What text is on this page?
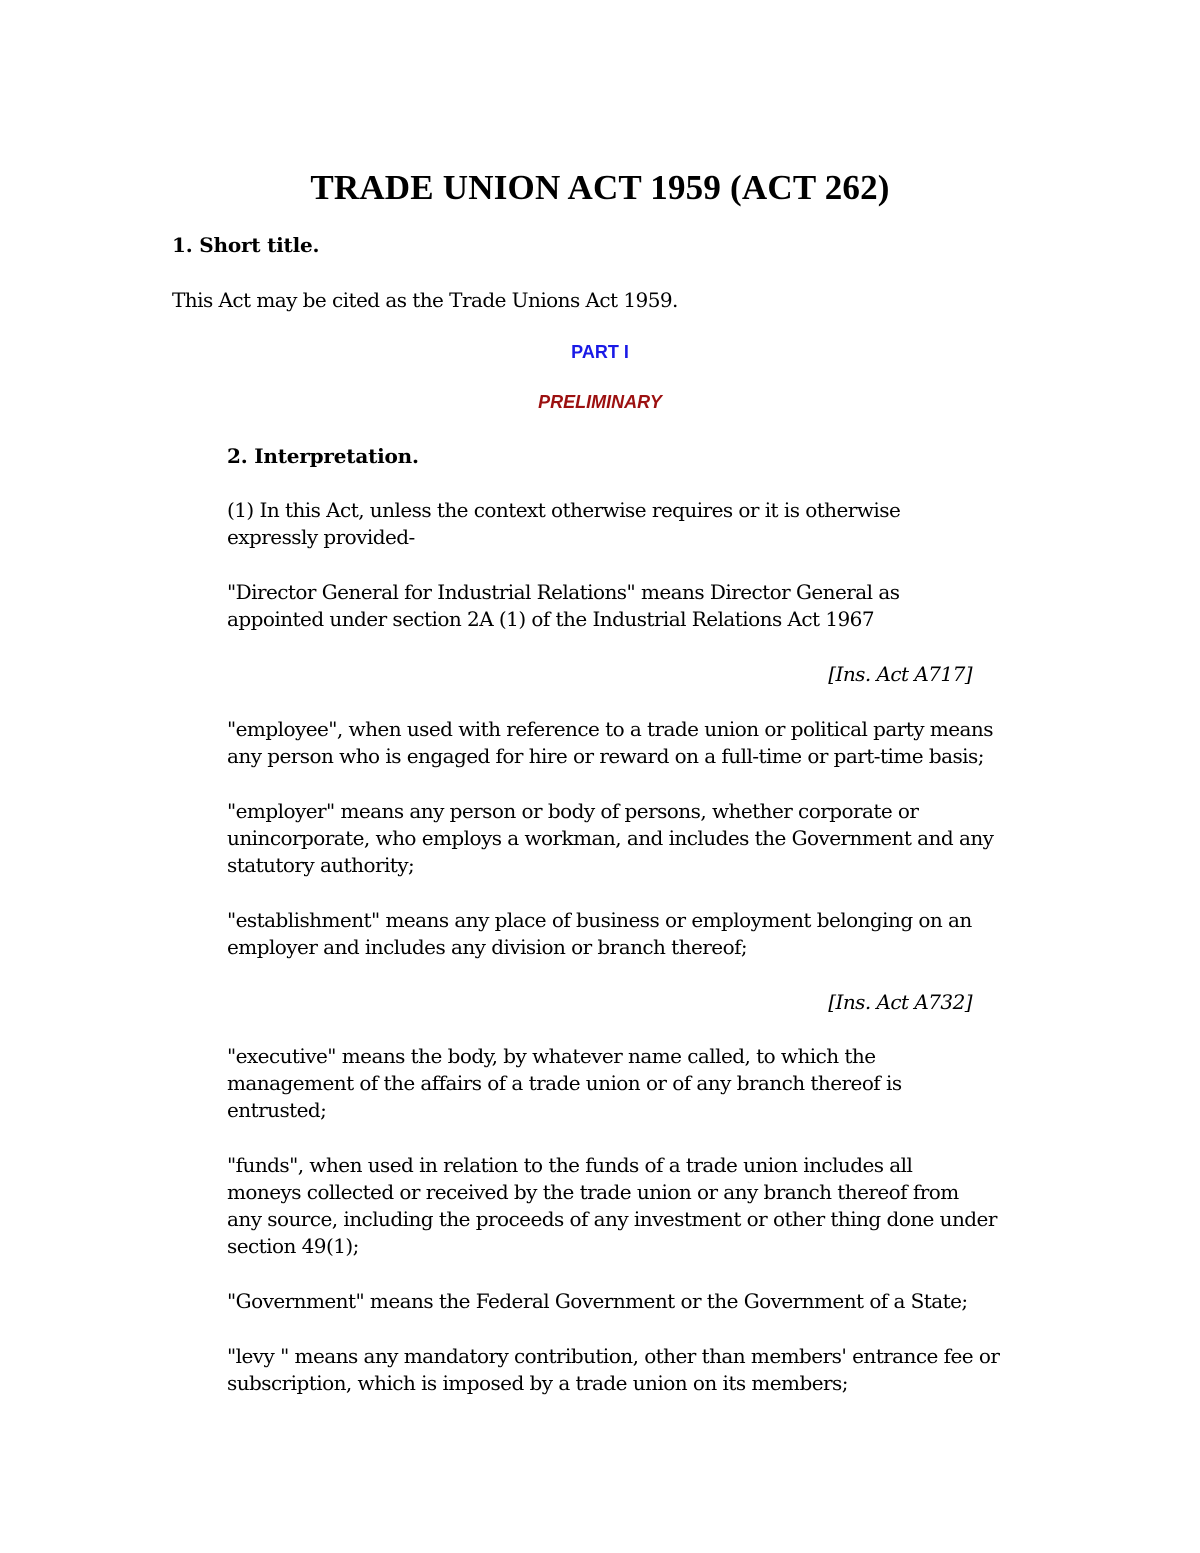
TRADE UNION ACT 1959 (ACT 262)
1. Short title.
This Act may be cited as the Trade Unions Act 1959.
PART I
PRELIMINARY
2. Interpretation.
(1) In this Act, unless the context otherwise requires or it is otherwise
expressly provided-
"Director General for Industrial Relations" means Director General as
appointed under section 2A (1) of the Industrial Relations Act 1967
[Ins. Act A717]
"employee", when used with reference to a trade union or political party means
any person who is engaged for hire or reward on a full-time or part-time basis;
"employer" means any person or body of persons, whether corporate or
unincorporate, who employs a workman, and includes the Government and any
statutory authority;
"establishment" means any place of business or employment belonging on an
employer and includes any division or branch thereof;
[Ins. Act A732]
"executive" means the body, by whatever name called, to which the
management of the affairs of a trade union or of any branch thereof is
entrusted;
"funds", when used in relation to the funds of a trade union includes all
moneys collected or received by the trade union or any branch thereof from
any source, including the proceeds of any investment or other thing done under
section 49(1);
"Government" means the Federal Government or the Government of a State;
"levy " means any mandatory contribution, other than members' entrance fee or
subscription, which is imposed by a trade union on its members;
